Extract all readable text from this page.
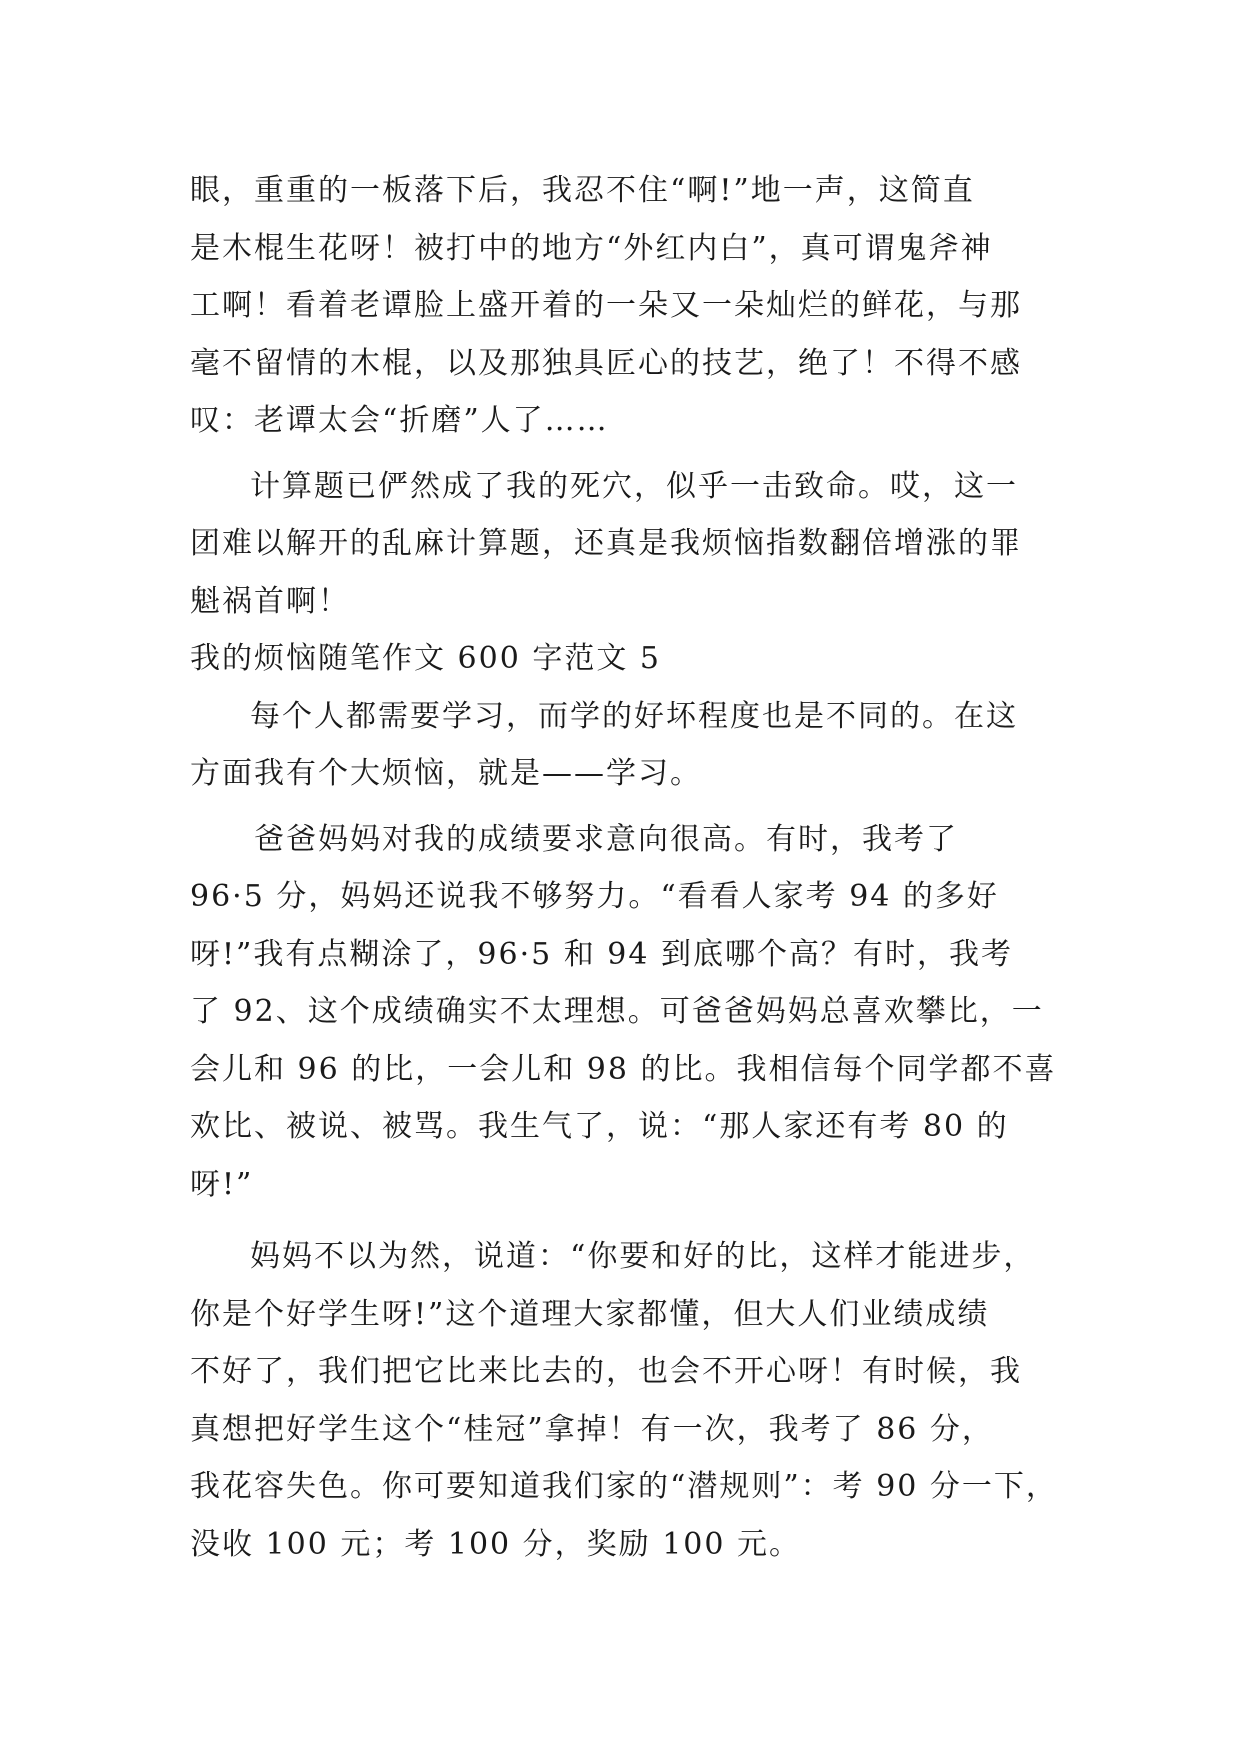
眼，重重的一板落下后，我忍不住“啊!”地一声，这简直
是木棍生花呀！被打中的地方“外红内白”，真可谓鬼斧神
工啊！看着老谭脸上盛开着的一朵又一朵灿烂的鲜花，与那
毫不留情的木棍，以及那独具匠心的技艺，绝了！不得不感
叹：老谭太会“折磨”人了……
计算题已俨然成了我的死穴，似乎一击致命。哎，这一
团难以解开的乱麻计算题，还真是我烦恼指数翻倍增涨的罪
魁祸首啊！
我的烦恼随笔作文 600 字范文 5
每个人都需要学习，而学的好坏程度也是不同的。在这
方面我有个大烦恼，就是——学习。
爸爸妈妈对我的成绩要求意向很高。有时，我考了
96·5 分，妈妈还说我不够努力。“看看人家考 94 的多好
呀!”我有点糊涂了，96·5 和 94 到底哪个高？有时，我考
了 92、这个成绩确实不太理想。可爸爸妈妈总喜欢攀比，一
会儿和 96 的比，一会儿和 98 的比。我相信每个同学都不喜
欢比、被说、被骂。我生气了，说：“那人家还有考 80 的
呀!”
妈妈不以为然，说道：“你要和好的比，这样才能进步，
你是个好学生呀!”这个道理大家都懂，但大人们业绩成绩
不好了，我们把它比来比去的，也会不开心呀！有时候，我
真想把好学生这个“桂冠”拿掉！有一次，我考了 86 分，
我花容失色。你可要知道我们家的“潜规则”：考 90 分一下，
没收 100 元；考 100 分，奖励 100 元。
